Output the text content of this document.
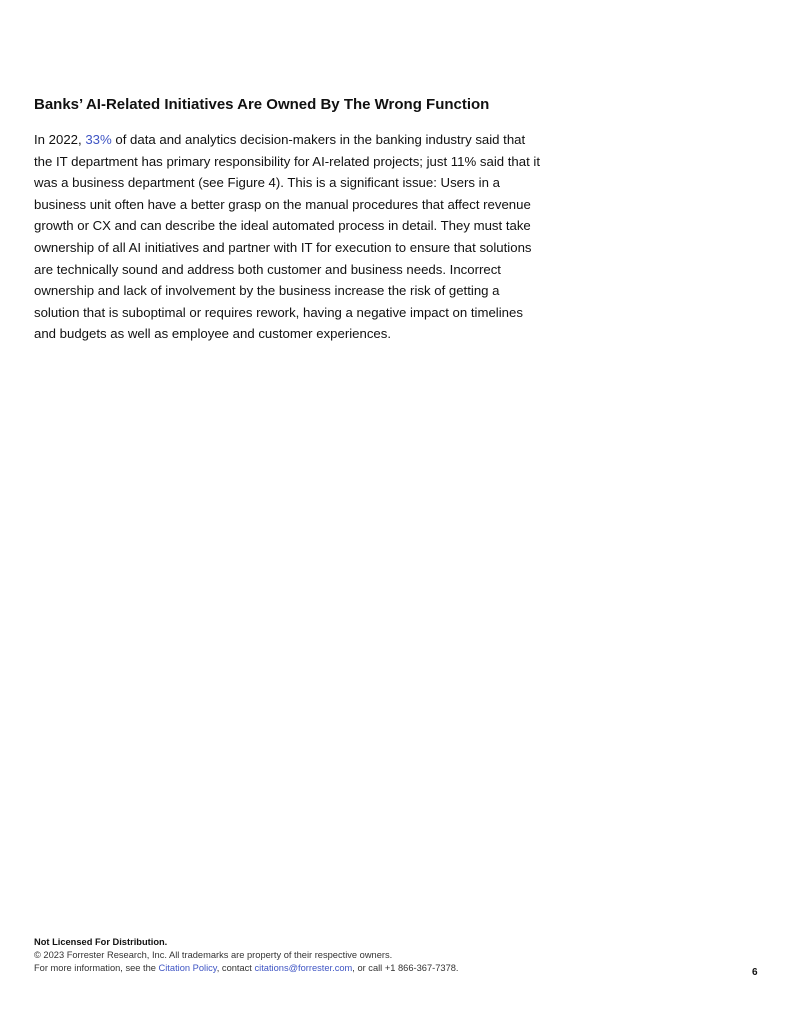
Banks’ AI-Related Initiatives Are Owned By The Wrong Function
In 2022, 33% of data and analytics decision-makers in the banking industry said that
the IT department has primary responsibility for AI-related projects; just 11% said that it
was a business department (see Figure 4). This is a significant issue: Users in a
business unit often have a better grasp on the manual procedures that affect revenue
growth or CX and can describe the ideal automated process in detail. They must take
ownership of all AI initiatives and partner with IT for execution to ensure that solutions
are technically sound and address both customer and business needs. Incorrect
ownership and lack of involvement by the business increase the risk of getting a
solution that is suboptimal or requires rework, having a negative impact on timelines
and budgets as well as employee and customer experiences.
Not Licensed For Distribution.
© 2023 Forrester Research, Inc. All trademarks are property of their respective owners.
For more information, see the Citation Policy, contact citations@forrester.com, or call +1 866-367-7378.	6
